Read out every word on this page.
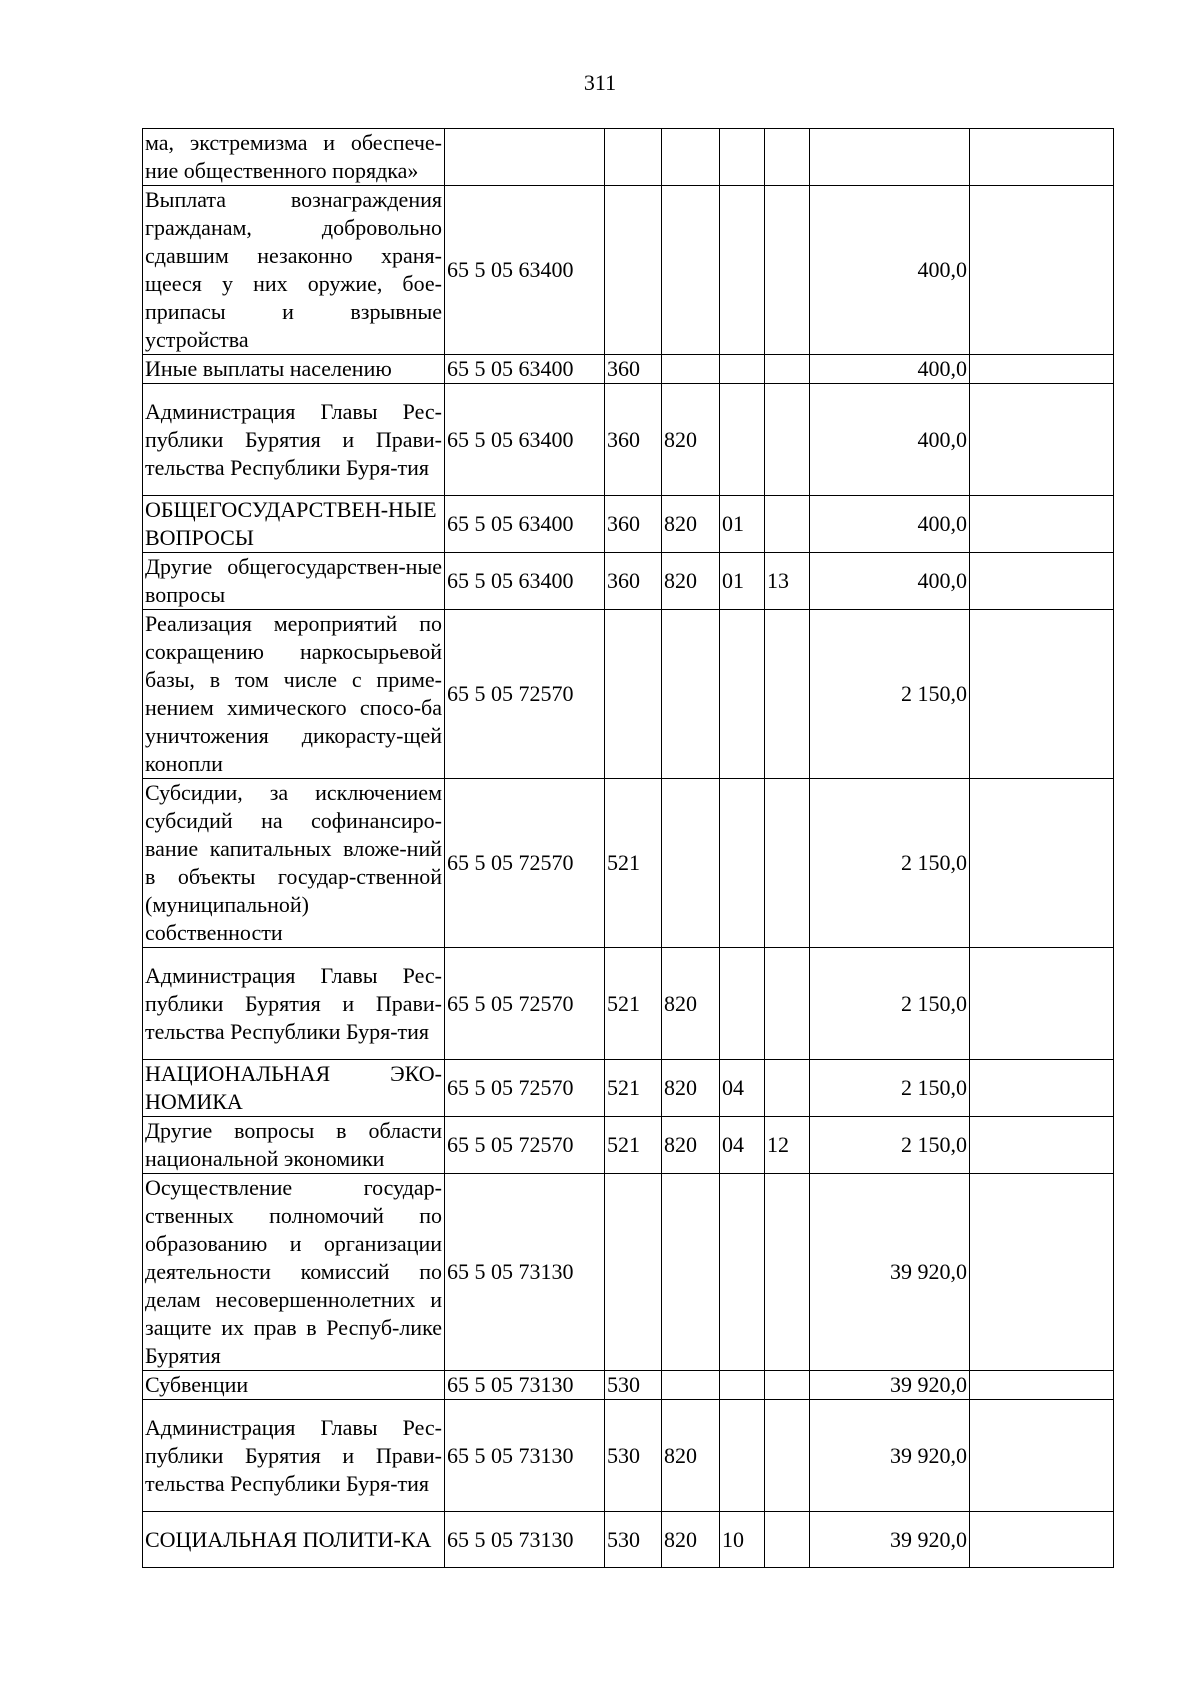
311
ма, экстремизма и обеспече-ние общественного порядка»							
Выплата вознаграждения гражданам, добровольно сдавшим незаконно храня-щееся у них оружие, бое-припасы и взрывные устройства	65 5 05 63400					400,0	
Иные выплаты населению	65 5 05 63400	360				400,0	
Администрация Главы Рес-публики Бурятия и Прави-тельства Республики Буря-тия	65 5 05 63400	360	820			400,0	
ОБЩЕГОСУДАРСТВЕН-НЫЕ ВОПРОСЫ	65 5 05 63400	360	820	01		400,0	
Другие общегосударствен-ные вопросы	65 5 05 63400	360	820	01	13	400,0	
Реализация мероприятий по сокращению наркосырьевой базы, в том числе с приме-нением химического спосо-ба уничтожения дикорасту-щей конопли	65 5 05 72570					2 150,0	
Субсидии, за исключением субсидий на софинансиро-вание капитальных вложе-ний в объекты государ-ственной (муниципальной) собственности	65 5 05 72570	521				2 150,0	
Администрация Главы Рес-публики Бурятия и Прави-тельства Республики Буря-тия	65 5 05 72570	521	820			2 150,0	
НАЦИОНАЛЬНАЯ ЭКО-НОМИКА	65 5 05 72570	521	820	04		2 150,0	
Другие вопросы в области национальной экономики	65 5 05 72570	521	820	04	12	2 150,0	
Осуществление государ-ственных полномочий по образованию и организации деятельности комиссий по делам несовершеннолетних и защите их прав в Респуб-лике Бурятия	65 5 05 73130					39 920,0	
Субвенции	65 5 05 73130	530				39 920,0	
Администрация Главы Рес-публики Бурятия и Прави-тельства Республики Буря-тия	65 5 05 73130	530	820			39 920,0	
СОЦИАЛЬНАЯ ПОЛИТИ-КА	65 5 05 73130	530	820	10		39 920,0	
